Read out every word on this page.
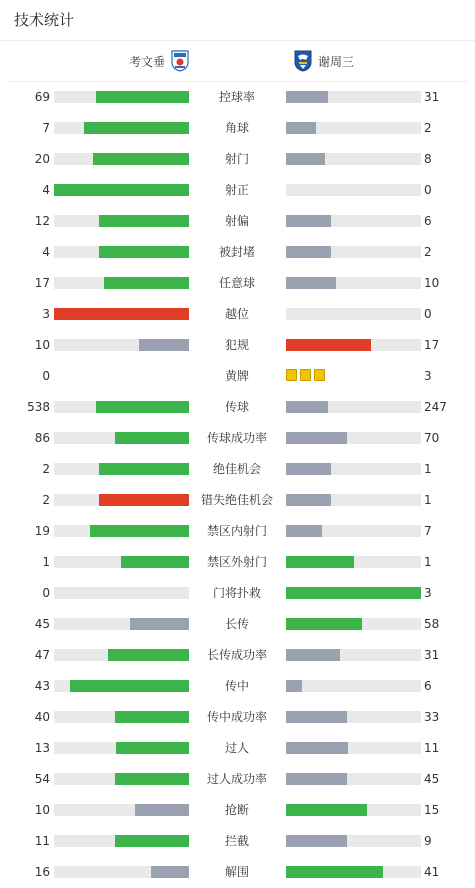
技术统计
考文垂	谢周三
69	控球率	31
7	角球	2
20	射门	8
4	射正	0
12	射偏	6
4	被封堵	2
17	任意球	10
3	越位	0
10	犯规	17
0	黄牌	3
538	传球	247
86	传球成功率	70
2	绝佳机会	1
2	错失绝佳机会	1
19	禁区内射门	7
1	禁区外射门	1
0	门将扑救	3
45	长传	58
47	长传成功率	31
43	传中	6
40	传中成功率	33
13	过人	11
54	过人成功率	45
10	抢断	15
11	拦截	9
16	解围	41
